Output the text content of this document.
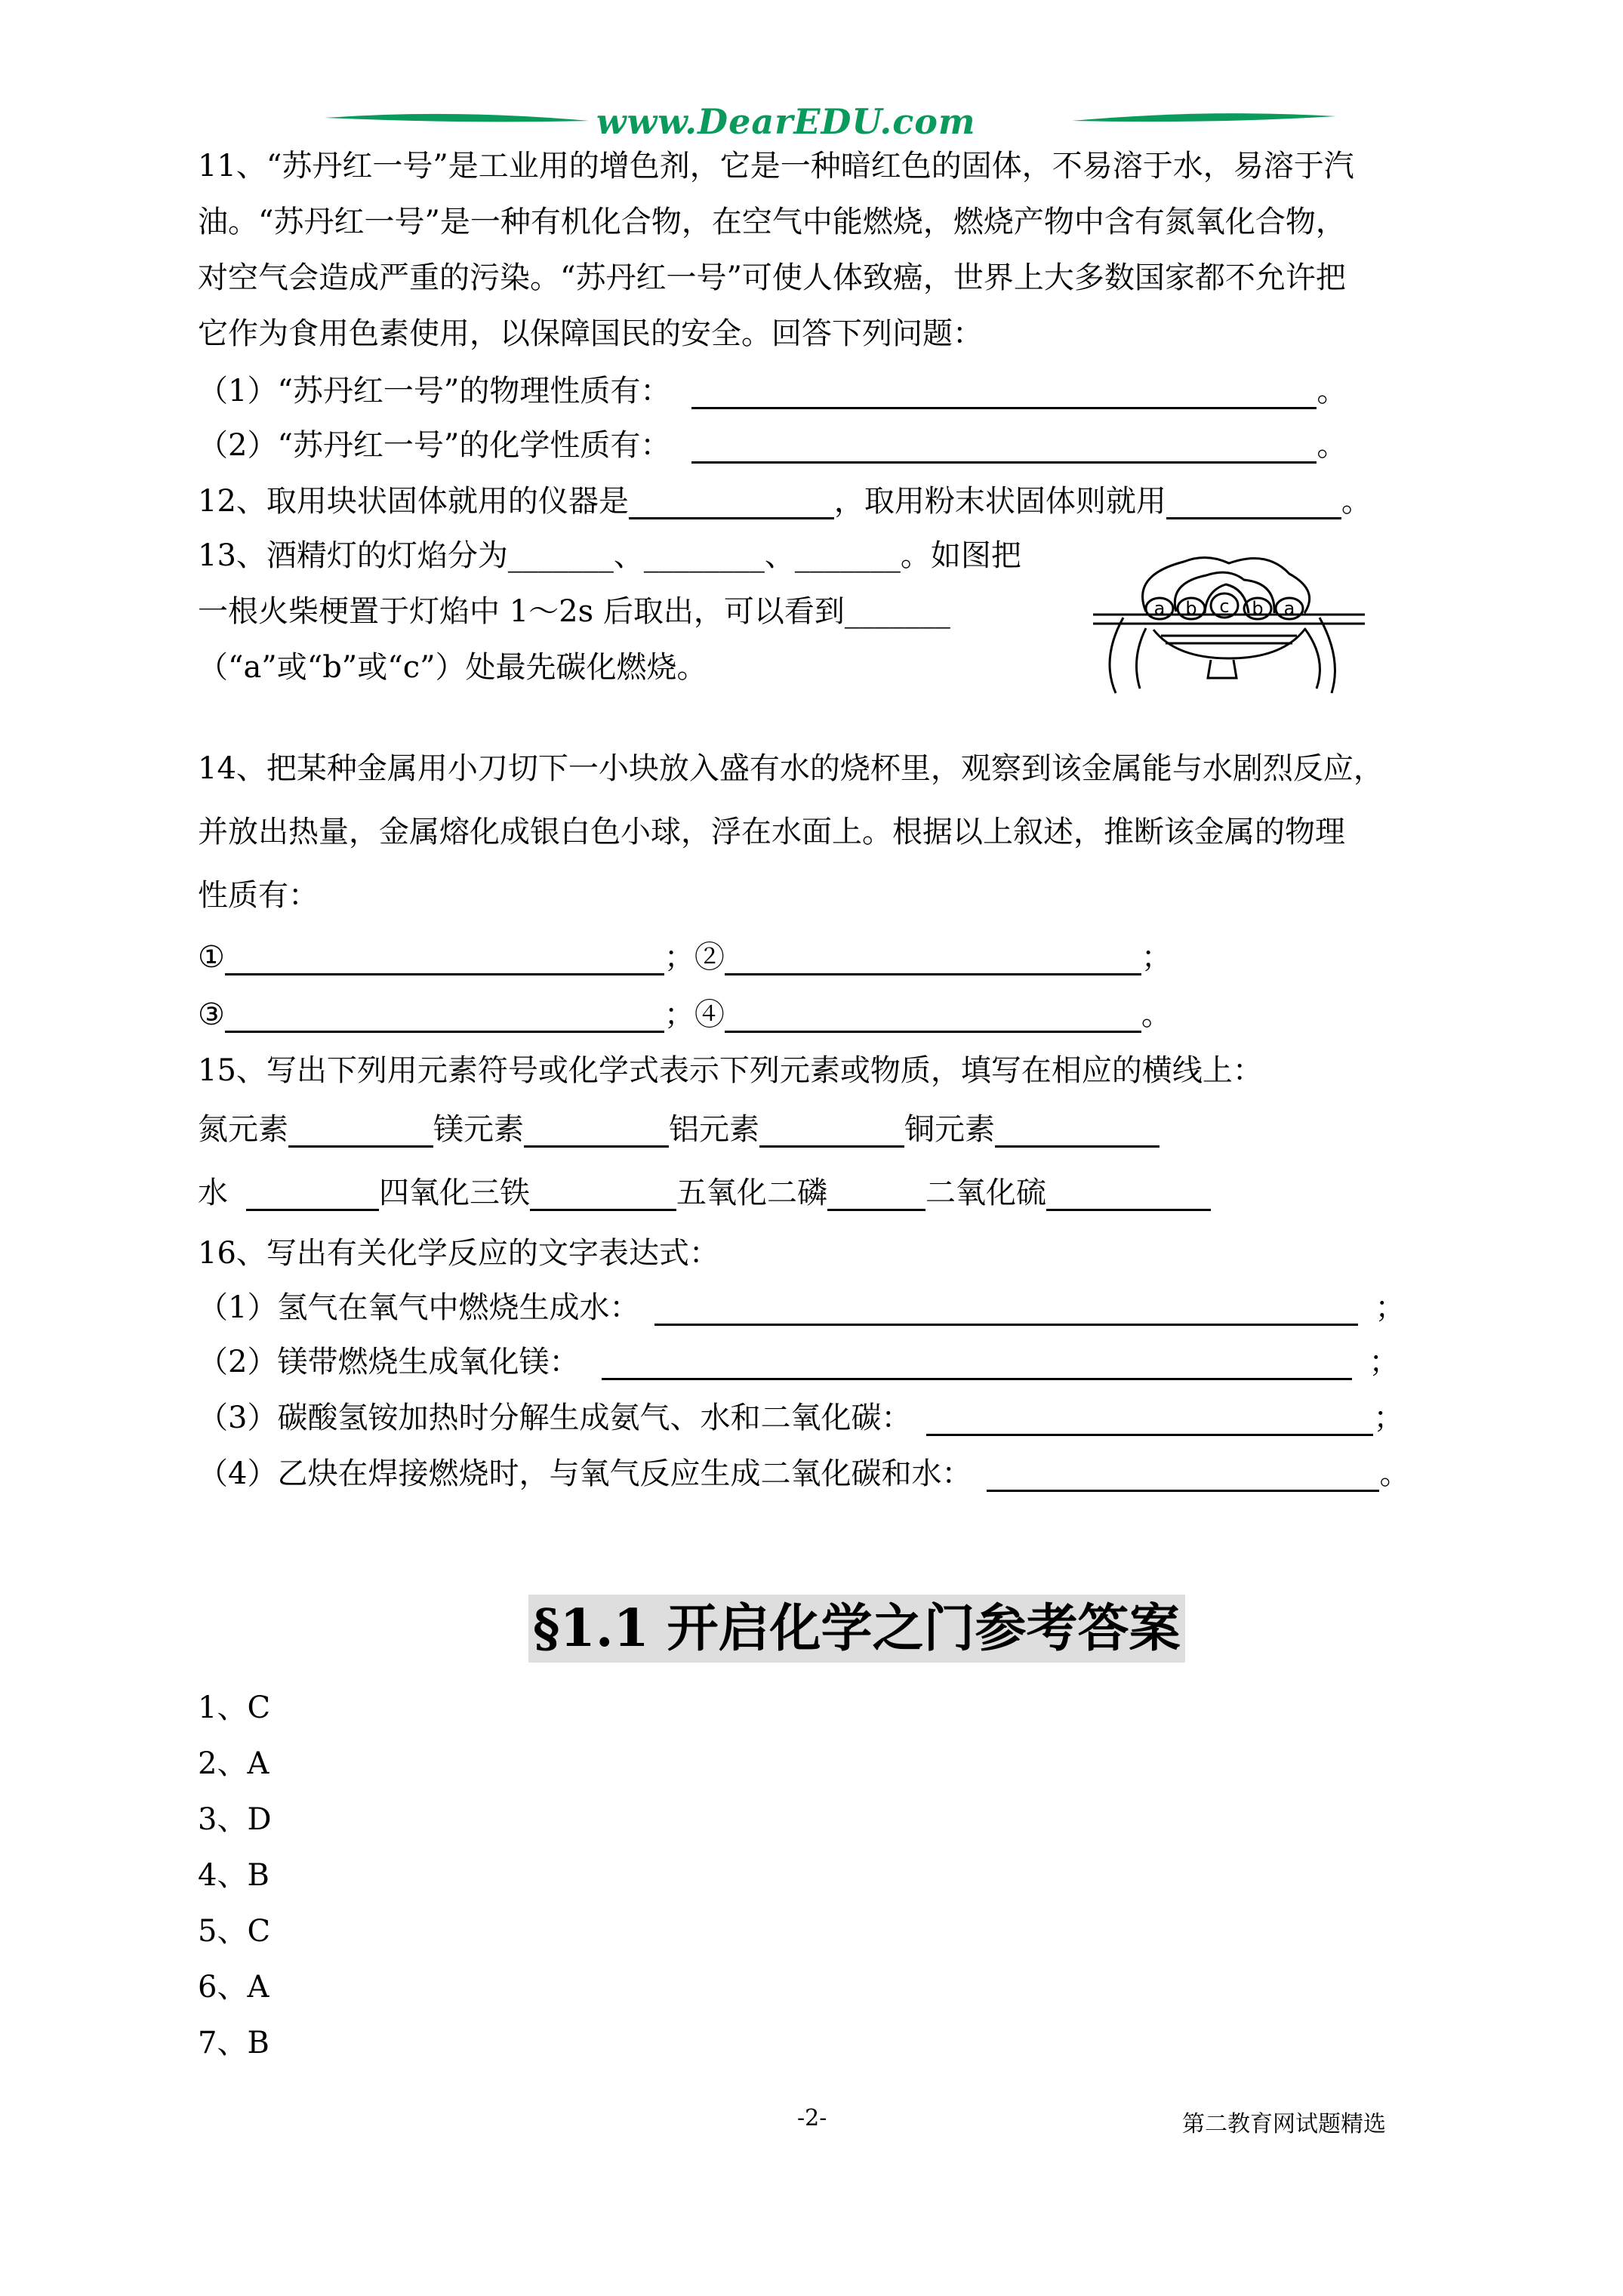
www.DearEDU.com
11、“苏丹红一号”是工业用的增色剂，它是一种暗红色的固体，不易溶于水，易溶于汽
油。“苏丹红一号”是一种有机化合物，在空气中能燃烧，燃烧产物中含有氮氧化合物，
对空气会造成严重的污染。“苏丹红一号”可使人体致癌，世界上大多数国家都不允许把
它作为食用色素使用，以保障国民的安全。回答下列问题：
（1）“苏丹红一号”的物理性质有：	。
（2）“苏丹红一号”的化学性质有：	。
12、取用块状固体就用的仪器是	，取用粉末状固体则就用	。
13、酒精灯的灯焰分为_______、________、_______。如图把
一根火柴梗置于灯焰中 1～2s 后取出，可以看到_______
（“a”或“b”或“c”）处最先碳化燃烧。
a b c b a
14、把某种金属用小刀切下一小块放入盛有水的烧杯里，观察到该金属能与水剧烈反应，
并放出热量，金属熔化成银白色小球，浮在水面上。根据以上叙述，推断该金属的物理
性质有：
①	；②	；
③	；④	。
15、写出下列用元素符号或化学式表示下列元素或物质，填写在相应的横线上：
氮元素	镁元素	铝元素	铜元素
水	四氧化三铁	五氧化二磷	二氧化硫
16、写出有关化学反应的文字表达式：
（1）氢气在氧气中燃烧生成水：	；
（2）镁带燃烧生成氧化镁：	；
（3）碳酸氢铵加热时分解生成氨气、水和二氧化碳：	；
（4）乙炔在焊接燃烧时，与氧气反应生成二氧化碳和水：	。
§1.1 开启化学之门参考答案
1、C
2、A
3、D
4、B
5、C
6、A
7、B
-2-	第二教育网试题精选
